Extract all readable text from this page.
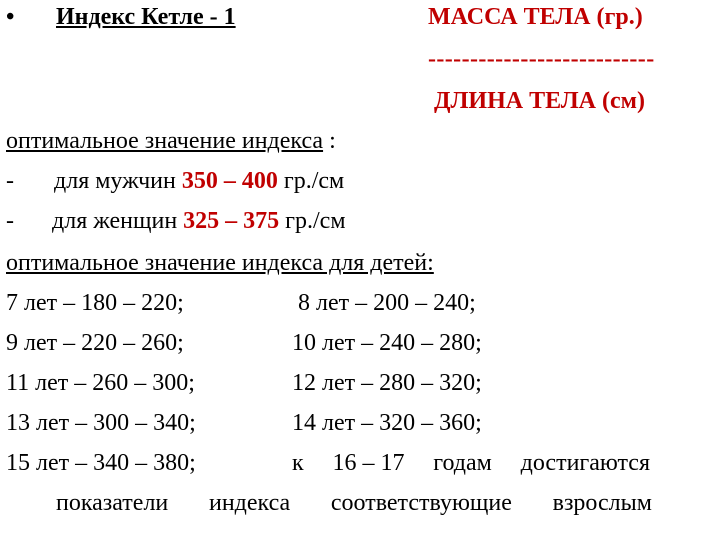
• Индекс Кетле - 1	МАССА ТЕЛА (гр.)
---------------------------
ДЛИНА ТЕЛА (см)
оптимальное значение индекса :
- для мужчин 350 – 400 гр./см
- для женщин 325 – 375 гр./см
оптимальное значение индекса для детей:
7 лет – 180 – 220;	8 лет – 200 – 240;
9 лет – 220 – 260;	10 лет – 240 – 280;
11 лет – 260 – 300;	12 лет – 280 – 320;
13 лет – 300 – 340;	14 лет – 320 – 360;
15 лет – 340 – 380;	к 16 – 17 годам достигаются
показатели индекса соответствующие взрослым
